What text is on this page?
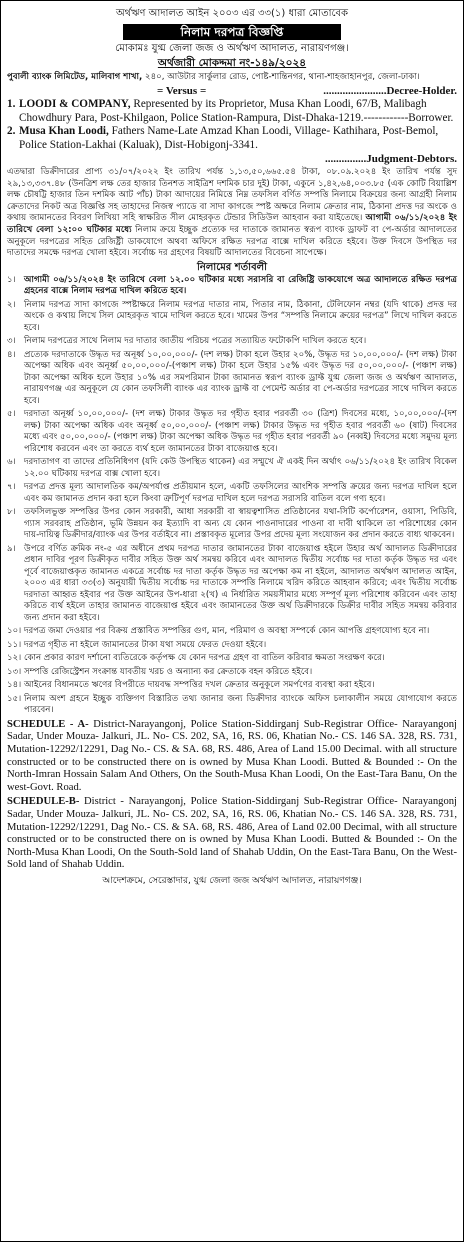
অর্থঋণ আদালত আইন ২০০৩ এর ৩৩(১) ধারা মোতাবেক
নিলাম দরপত্র বিজ্ঞপ্তি
মোকামঃ যুগ্ম জেলা জজ ও অর্থঋণ আদালত, নারায়ণগঞ্জ।
অর্থজারী মোকদ্দমা নং-১৪৯/২০২৪
পুবালী ব্যাংক লিমিটেড, মালিবাগ শাখা, ২৪০, আউটার সার্কুলার রোড, পোষ্ট-শান্তিনগর, থানা-শাহজাহানপুর, জেলা-ঢাকা।
= Versus =	.......................Decree-Holder.
1. LOODI & COMPANY, Represented by its Proprietor, Musa Khan Loodi, 67/B, Malibagh Chowdhury Para, Post-Khilgaon, Police Station-Rampura, Dist-Dhaka-1219.------------Borrower.
2. Musa Khan Loodi, Fathers Name-Late Amzad Khan Loodi, Village- Kathihara, Post-Bemol, Police Station-Lakhai (Kaluak), Dist-Hobigonj-3341.
...............Judgment-Debtors.
এতদ্বারা ডিক্রীদারের প্রাপ্য ৩১/০৭/২০২২ ইং তারিখ পর্যন্ত ১,১৩,৫০,৬৬৫.৫৪ টাকা, ০৮.০৯.২০২৪ ইং তারিখ পর্যন্ত সুদ ২৯,১৩,৩৩৭.৪৮ (উনত্রিশ লক্ষ তের হাজার তিনশত সাইত্রিশ দশমিক চার দুই) টাকা, একুনে ১,৪২,৬৪,০০৩.৮৫ (এক কোটি বিয়াল্লিশ লক্ষ চৌষট্টি হাজার তিন দশমিক আট পাঁচ) টাকা আদায়ের নিমিত্তে নিম্ন তফসিল বর্ণিত সম্পত্তি নিলামে বিক্রয়ের জন্য আগ্রহী নিলাম ক্রেতাদের নিকট অত্র বিজ্ঞপ্তি সহ তাহাদের নিজস্ব প্যাডে বা সাদা কাগজে স্পষ্ট অক্ষরে নিলাম ক্রেতার নাম, ঠিকানা প্রদত্ত দর অংকে ও কথায় জামানতের বিবরণ লিখিয়া সহি স্বাক্ষরিত সীল মোহরকৃত টেন্ডার সিডিউল আহবান করা যাইতেছে। আগামী ০৬/১১/২০২৪ ইং তারিখে বেলা ১২:০০ ঘটিকার মধ্যে নিলাম ক্রয়ে ইচ্ছুক প্রত্যেক দর দাতাকে জামানত স্বরূপ ব্যাংক ড্রাফট বা পে-অর্ডার আদালতের অনুকূলে দরপত্রের সহিত রেজিষ্ট্রী ডাকযোগে অথবা অফিসে রক্ষিত দরপত্র বাক্সে দাখিল করিতে হইবে। উক্ত দিবসে উপস্থিত দর দাতাদের সমক্ষে দরপত্র খোলা হইবে। সর্বোচ্চ দর গ্রহণের বিষয়টি আদালতের বিবেচনা সাপেক্ষে।
নিলামের শর্তাবলী
১। আগামী ০৬/১১/২০২৪ ইং তারিখে বেলা ১২.০০ ঘটিকার মধ্যে সরাসরি বা রেজিষ্ট্রি ডাকযোগে অত্র আদালতে রক্ষিত দরপত্র গ্রহনের বাক্সে নিলাম দরপত্র দাখিল করিতে হবে।
২। নিলাম দরপত্র সাদা কাগজে স্পষ্টাক্ষরে নিলাম দরপত্র দাতার নাম, পিতার নাম, ঠিকানা, টেলিফোন নম্বর (যদি থাকে) প্রদত্ত দর অংকে ও কথায় লিখে সিল মোহরকৃত খামে দাখিল করতে হবে। খামের উপর “সম্পত্তি নিলামে ক্রয়ের দরপত্র” লিখে দাখিল করতে হবে।
৩। নিলাম দরপত্রের সাথে নিলাম দর দাতার জাতীয় পরিচয় পত্রের সত্যায়িত ফটোকপি দাখিল করতে হবে।
৪। প্রত্যেক দরদাতাকে উদ্ধৃত দর অনূর্ধ্ব ১০,০০,০০০/- (দশ লক্ষ) টাকা হলে উহার ২০%, উদ্ধৃত দর ১০,০০,০০০/- (দশ লক্ষ) টাকা অপেক্ষা অধিক এবং অনূর্ধ্ব ৫০,০০,০০০/-(পঞ্চাশ লক্ষ) টাকা হলে উহার ১৫% এবং উদ্ধৃত দর ৫০,০০,০০০/- (পঞ্চাশ লক্ষ) টাকা অপেক্ষা অধিক হলে উহার ১০% এর সমপরিমান টাকা জামানত স্বরূপ ব্যাংক ড্রাফ্ট যুগ্ম জেলা জজ ও অর্থঋণ আদালত, নারায়ণগঞ্জ এর অনুকূলে যে কোন তফসিলী ব্যাংক এর ব্যাংক ড্রাফ্ট বা পেমেন্ট অর্ডার বা পে-অর্ডার দরপত্রের সাথে দাখিল করতে হবে।
৫। দরদাতা অনূর্ধ্ব ১০,০০,০০০/- (দশ লক্ষ) টাকার উদ্ধৃত দর গৃহীত হবার পরবর্তী ৩০ (ত্রিশ) দিবসের মধ্যে, ১০,০০,০০০/-(দশ লক্ষ) টাকা অপেক্ষা অধিক এবং অনূর্ধ্ব ৫০,০০,০০০/- (পঞ্চাশ লক্ষ) টাকার উদ্ধৃত দর গৃহীত হবার পরবর্তী ৬০ (ষাট) দিবসের মধ্যে এবং ৫০,০০,০০০/- (পঞ্চাশ লক্ষ) টাকা অপেক্ষা অধিক উদ্ধৃত দর গৃহীত হবার পরবর্তী ৯০ (নব্বই) দিবসের মধ্যে সমুদয় মূল্য পরিশোধ করবেন এবং তা করতে ব্যর্থ হলে জামানতের টাকা বাজেয়াপ্ত হবে।
৬। দরদাতাগণ বা তাদের প্রতিনিধিগণ (যদি কেউ উপস্থিত থাকেন) এর সম্মুখে ঐ একই দিন অর্থাৎ ০৬/১১/২০২৪ ইং তারিখ বিকেল ১২.০০ ঘটিকায় দরপত্র বাক্স খোলা হবে।
৭। দরপত্র প্রদত্ত মূল্য আদালতিক কম/অপর্যাপ্ত প্রতীয়মান হলে, একটি তফসিলের আংশিক সম্পত্তি ক্রয়ের জন্য দরপত্র দাখিল হলে এবং কম জামানত প্রদান করা হলে কিংবা ত্রুটিপূর্ণ দরপত্র দাখিল হলে দরপত্র সরাসরি বাতিল বলে গণ্য হবে।
৮। তফসিলভুক্ত সম্পত্তির উপর কোন সরকারী, আধা সরকারী বা স্বায়ত্বশাসিত প্রতিষ্ঠানের যথা-সিটি কর্পোরেশন, ওয়াসা, পিডিবি, গ্যাস সরবরাহ প্রতিষ্ঠান, ভূমি উন্নয়ন কর ইত্যাদি বা অন্য যে কোন পাওনাদারের পাওনা বা দাবী থাকিলে তা পরিশোধের কোন দায়-দায়িত্ব ডিক্রীদার/ব্যাংক এর উপর বর্তাইবে না। প্রস্তাবকৃত মূল্যের উপর প্রদেয় মূল্য সংযোজন কর প্রদান করতে বাধ্য থাকবেন।
৯। উপরে বর্ণিত ক্রমিক নং-৫ এর অধীনে প্রথম দরপত্র দাতার জামানতের টাকা বাজেয়াপ্ত হইলে উহার অর্থ আদালত ডিক্রীদারের প্রধান দাবির পূরণ ডিক্রীকৃত দাবীর সহিত উক্ত অর্থ সমন্বয় করিবে এবং আদালত দ্বিতীয় সর্বোচ্চ দর দাতা কর্তৃক উদ্ধৃত দর এবং পূর্বে বাজেয়াপ্তকৃত জামানত একত্রে সর্বোচ্চ দর দাতা কর্তৃক উদ্ধৃত দর অপেক্ষা কম না হইলে, আদালত অর্থঋণ আদালত আইন, ২০০৩ এর ধারা ৩৩(৩) অনুযায়ী দ্বিতীয় সর্বোচ্চ দর দাতাকে সম্পত্তি নিলামে খরিদ করিতে আহবান করিবে; এবং দ্বিতীয় সর্বোচ্চ দরদাতা আহ্বত হইবার পর উক্ত আইনের উপ-ধারা ২(খ) এ নির্ধারিত সময়সীমার মধ্যে সম্পূর্ণ মূল্য পরিশোধ করিবেন এবং তাহা করিতে ব্যর্থ হইলে তাহার জামানত বাজেয়াপ্ত হইবে এবং জামানতের উক্ত অর্থ ডিক্রীদারকে ডিক্রীর দাবীর সহিত সমন্বয় করিবার জন্য প্রদান করা হইবে।
১০। দরপত্র জমা দেওয়ার পর বিক্রয় প্রস্তাবিত সম্পত্তির গুণ, মান, পরিমাণ ও অবস্থা সম্পর্কে কোন আপত্তি গ্রহণযোগ্য হবে না।
১১। দরপত্র গৃহীত না হইলে জামানতের টাকা যথা সময়ে ফেরত দেওয়া হইবে।
১২। কোন প্রকার কারণ দর্শানো ব্যতিরেকে কর্তৃপক্ষ যে কোন দরপত্র গ্রহণ বা বাতিল করিবার ক্ষমতা সংরক্ষণ করে।
১৩। সম্পত্তি রেজিস্ট্রেশন সংক্রান্ত যাবতীয় খরচ ও অন্যান্য কর ক্রেতাকে বহন করিতে হইবে।
১৪। আইনের বিধানমতে ঋণের বিপরীতে দায়বদ্ধ সম্পত্তির দখল ক্রেতার অনুকূলে সমর্পণের ব্যবস্থা করা হইবে।
১৫। নিলাম অংশ গ্রহনে ইচ্ছুক ব্যক্তিগণ বিস্তারিত তথ্য জানার জন্য ডিক্রীদার ব্যাংকে অফিস চলাকালীন সময়ে যোগাযোগ করতে পারবেন।
SCHEDULE - A- District-Narayangonj, Police Station-Siddirganj Sub-Registrar Office- Narayangonj Sadar, Under Mouza- Jalkuri, JL. No- CS. 202, SA, 16, RS. 06, Khatian No.- CS. 146 SA. 328, RS. 731, Mutation-12292/12291, Dag No.- CS. & SA. 68, RS. 486, Area of Land 15.00 Decimal. with all structure constructed or to be constructed there on is owned by Musa Khan Loodi. Butted & Bounded :- On the North-Imran Hossain Salam And Others, On the South-Musa Khan Loodi, On the East-Tara Banu, On the west-Govt. Road.
SCHEDULE-B- District - Narayangonj, Police Station-Siddirganj Sub-Registrar Office- Narayangonj Sadar, Under Mouza- Jalkuri, JL. No- CS. 202, SA, 16, RS. 06, Khatian No.- CS. 146 SA. 328, RS. 731, Mutation-12292/12291, Dag No.- CS. & SA. 68, RS. 486, Area of Land 02.00 Decimal, with all structure constructed or to be constructed there on is owned by Musa Khan Loodi. Butted & Bounded :- On the North-Musa Khan Loodi, On the South-Sold land of Shahab Uddin, On the East-Tara Banu, On the West-Sold land of Shahab Uddin.
আদেশক্রমে, সেরেস্তাদার, যুগ্ম জেলা জজ অর্থঋণ আদালত, নারায়ণগঞ্জ।
